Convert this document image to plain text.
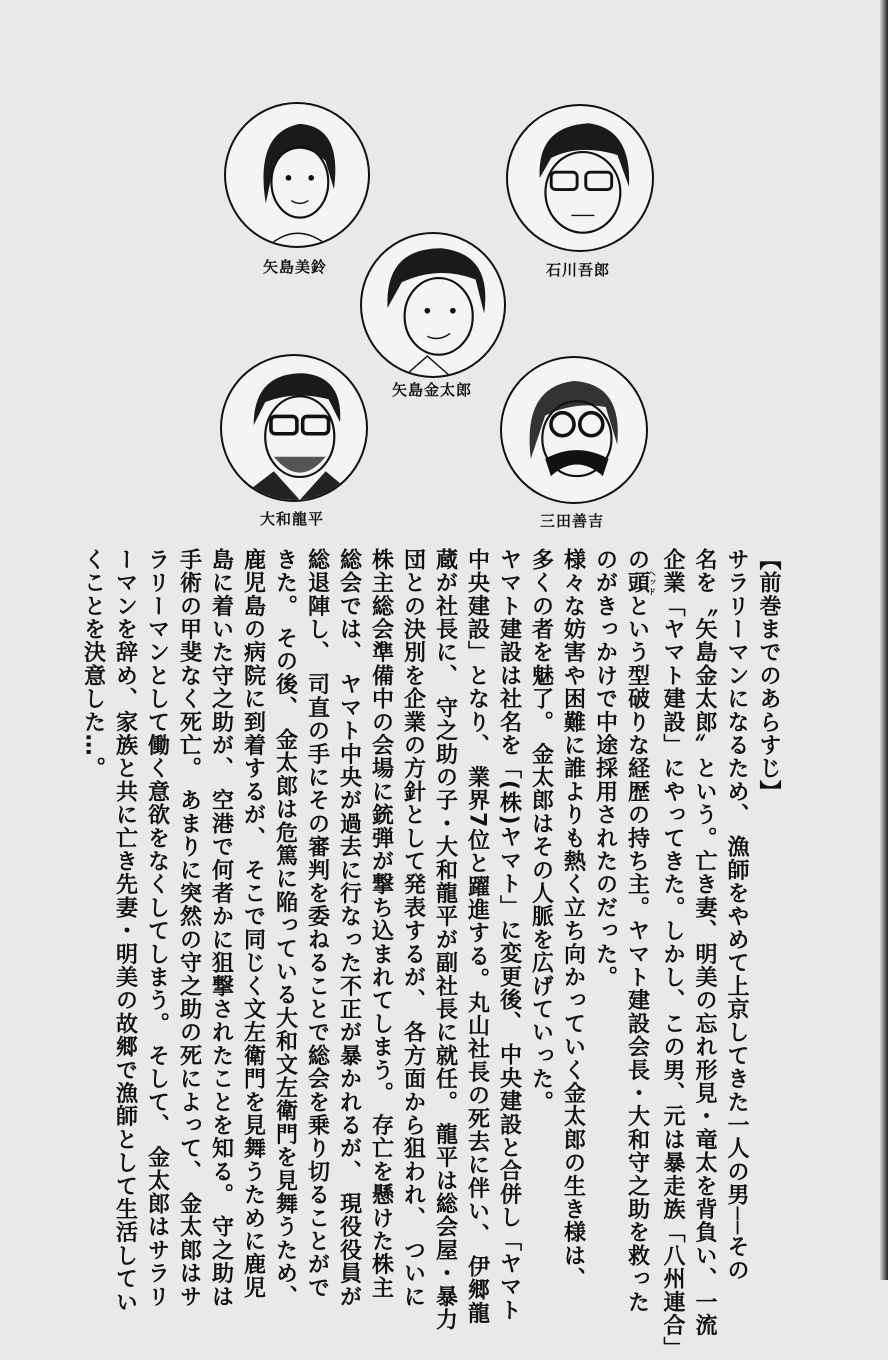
矢島美鈴	石川吾郎
矢島金太郎
大和龍平	三田善吉
【前巻までのあらすじ】
サラリーマンになるため、 漁師をやめて上京してきた一人の男──その
名を〝矢島金太郎〟という。亡き妻、明美の忘れ形見・竜太を背負い、一流
企業「ヤマト建設」にやってきた。しかし、この男、元は暴走族「八州連合」
の頭ヘッドという型破りな経歴の持ち主。ヤマト建設会長・大和守之助を救った
のがきっかけで中途採用されたのだった。
様々な妨害や困難に誰よりも熱く立ち向かっていく金太郎の生き様は、
多くの者を魅了。 金太郎はその人脈を広げていった。
ヤマト建設は社名を「(株)ヤマト」に変更後、 中央建設と合併し「ヤマト
中央建設」となり、 業界7位と躍進する。丸山社長の死去に伴い、 伊郷龍
蔵が社長に、 守之助の子・大和龍平が副社長に就任。 龍平は総会屋・暴力
団との決別を企業の方針として発表するが、 各方面から狙われ、 ついに
株主総会準備中の会場に銃弾が撃ち込まれてしまう。 存亡を懸けた株主
総会では、 ヤマト中央が過去に行なった不正が暴かれるが、 現役役員が
総退陣し、 司直の手にその審判を委ねることで総会を乗り切ることがで
きた。 その後、 金太郎は危篤に陥っている大和文左衛門を見舞うため、
鹿児島の病院に到着するが、 そこで同じく文左衛門を見舞うために鹿児
島に着いた守之助が、 空港で何者かに狙撃されたことを知る。 守之助は
手術の甲斐なく死亡。 あまりに突然の守之助の死によって、 金太郎はサ
ラリーマンとして働く意欲をなくしてしまう。 そして、 金太郎はサラリ
ーマンを辞め、家族と共に亡き先妻・明美の故郷で漁師として生活してい
くことを決意した…。
